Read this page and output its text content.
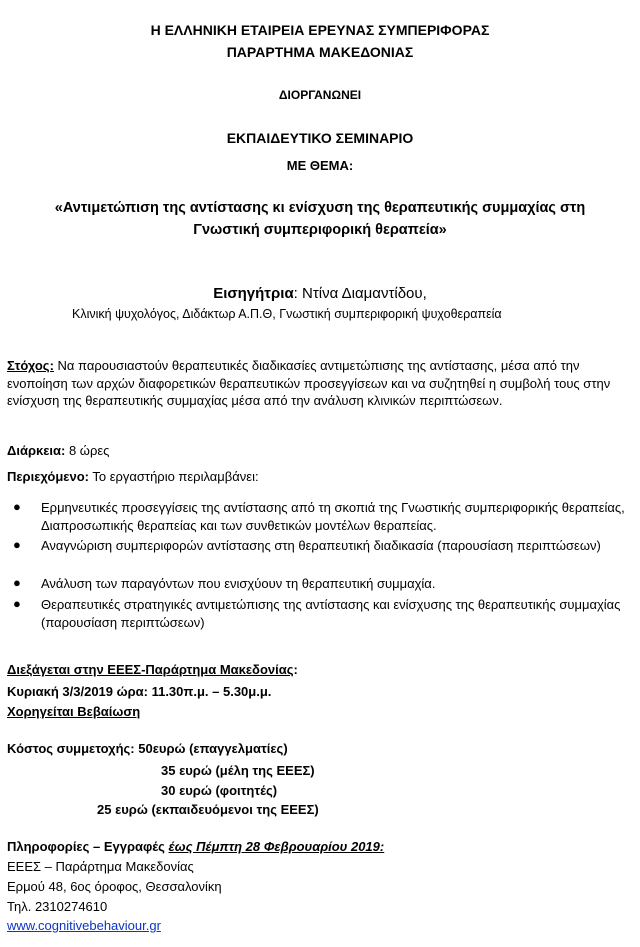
Η ΕΛΛΗΝΙΚΗ ΕΤΑΙΡΕΙΑ ΕΡΕΥΝΑΣ ΣΥΜΠΕΡΙΦΟΡΑΣ
ΠΑΡΑΡΤΗΜΑ ΜΑΚΕΔΟΝΙΑΣ
ΔΙΟΡΓΑΝΩΝΕΙ
ΕΚΠΑΙΔΕΥΤΙΚΟ ΣΕΜΙΝΑΡΙΟ
ΜΕ ΘΕΜΑ:
«Αντιμετώπιση της αντίστασης κι ενίσχυση της θεραπευτικής συμμαχίας στη
Γνωστική συμπεριφορική θεραπεία»
Εισηγήτρια: Ντίνα Διαμαντίδου,
Κλινική ψυχολόγος, Διδάκτωρ Α.Π.Θ, Γνωστική συμπεριφορική ψυχοθεραπεία
Στόχος: Να παρουσιαστούν θεραπευτικές διαδικασίες αντιμετώπισης της αντίστασης, μέσα από την ενοποίηση των αρχών διαφορετικών θεραπευτικών προσεγγίσεων και να συζητηθεί η συμβολή τους στην ενίσχυση της θεραπευτικής συμμαχίας μέσα από την ανάλυση κλινικών περιπτώσεων.
Διάρκεια: 8 ώρες
Περιεχόμενο: Το εργαστήριο περιλαμβάνει:
● Ερμηνευτικές προσεγγίσεις της αντίστασης από τη σκοπιά της Γνωστικής συμπεριφορικής θεραπείας, Διαπροσωπικής θεραπείας και των συνθετικών μοντέλων θεραπείας.
● Αναγνώριση συμπεριφορών αντίστασης στη θεραπευτική διαδικασία (παρουσίαση περιπτώσεων)
● Ανάλυση των παραγόντων που ενισχύουν τη θεραπευτική συμμαχία.
● Θεραπευτικές στρατηγικές αντιμετώπισης της αντίστασης και ενίσχυσης της θεραπευτικής συμμαχίας (παρουσίαση περιπτώσεων)
Διεξάγεται στην ΕΕΕΣ-Παράρτημα Μακεδονίας:
Κυριακή 3/3/2019 ώρα: 11.30π.μ. – 5.30μ.μ.
Χορηγείται Βεβαίωση
Κόστος συμμετοχής: 50ευρώ (επαγγελματίες)
35 ευρώ (μέλη της ΕΕΕΣ)
30 ευρώ (φοιτητές)
25 ευρώ (εκπαιδευόμενοι της ΕΕΕΣ)
Πληροφορίες – Εγγραφές έως Πέμπτη 28 Φεβρουαρίου 2019:
ΕΕΕΣ – Παράρτημα Μακεδονίας
Ερμού 48, 6ος όροφος, Θεσσαλονίκη
Τηλ. 2310274610
www.cognitivebehaviour.gr
